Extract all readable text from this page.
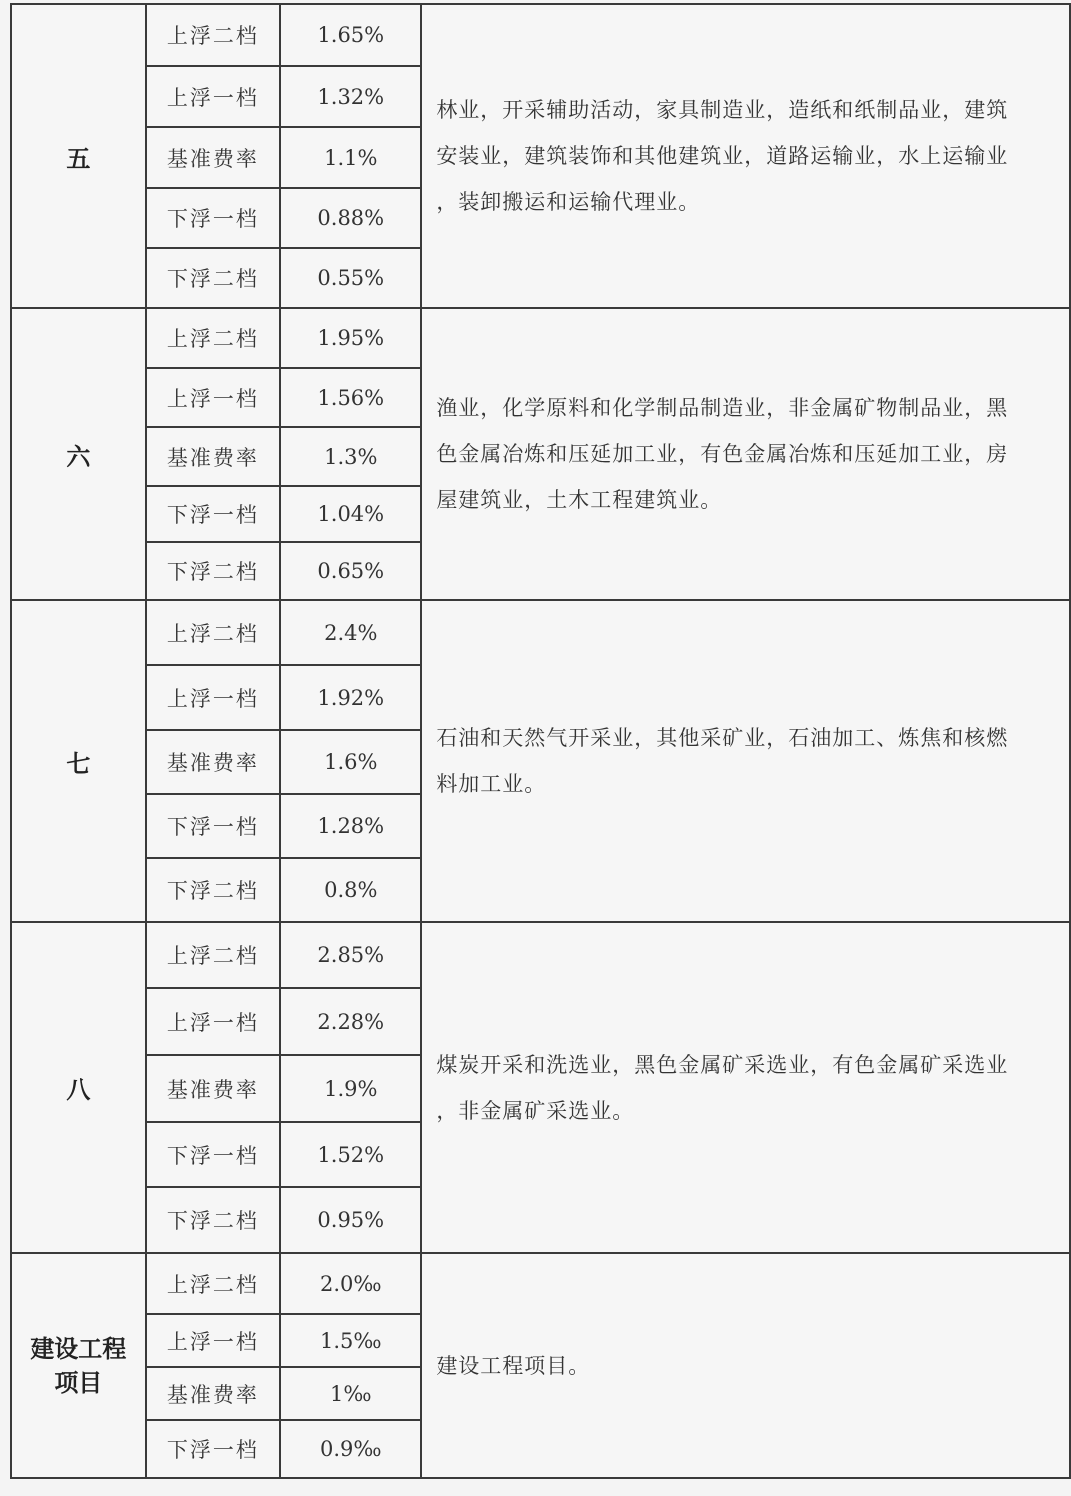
五	上浮二档	1.65%	林业，开采辅助活动，家具制造业，造纸和纸制品业，建筑
安装业，建筑装饰和其他建筑业，道路运输业，水上运输业
，装卸搬运和运输代理业。

	上浮一档	1.32%	
	基准费率	1.1%	
	下浮一档	0.88%	
	下浮二档	0.55%	
六	上浮二档	1.95%	渔业，化学原料和化学制品制造业，非金属矿物制品业，黑
色金属冶炼和压延加工业，有色金属冶炼和压延加工业，房
屋建筑业，土木工程建筑业。

	上浮一档	1.56%	
	基准费率	1.3%	
	下浮一档	1.04%	
	下浮二档	0.65%	
七	上浮二档	2.4%	石油和天然气开采业，其他采矿业，石油加工、炼焦和核燃
料加工业。

	上浮一档	1.92%	
	基准费率	1.6%	
	下浮一档	1.28%	
	下浮二档	0.8%	
八	上浮二档	2.85%	煤炭开采和洗选业，黑色金属矿采选业，有色金属矿采选业
，非金属矿采选业。

	上浮一档	2.28%	
	基准费率	1.9%	
	下浮一档	1.52%	
	下浮二档	0.95%	

建设工程
项目	上浮二档	2.0‰	建设工程项目。

	上浮一档	1.5‰	
	基准费率	1‰	
	下浮一档	0.9‰	
